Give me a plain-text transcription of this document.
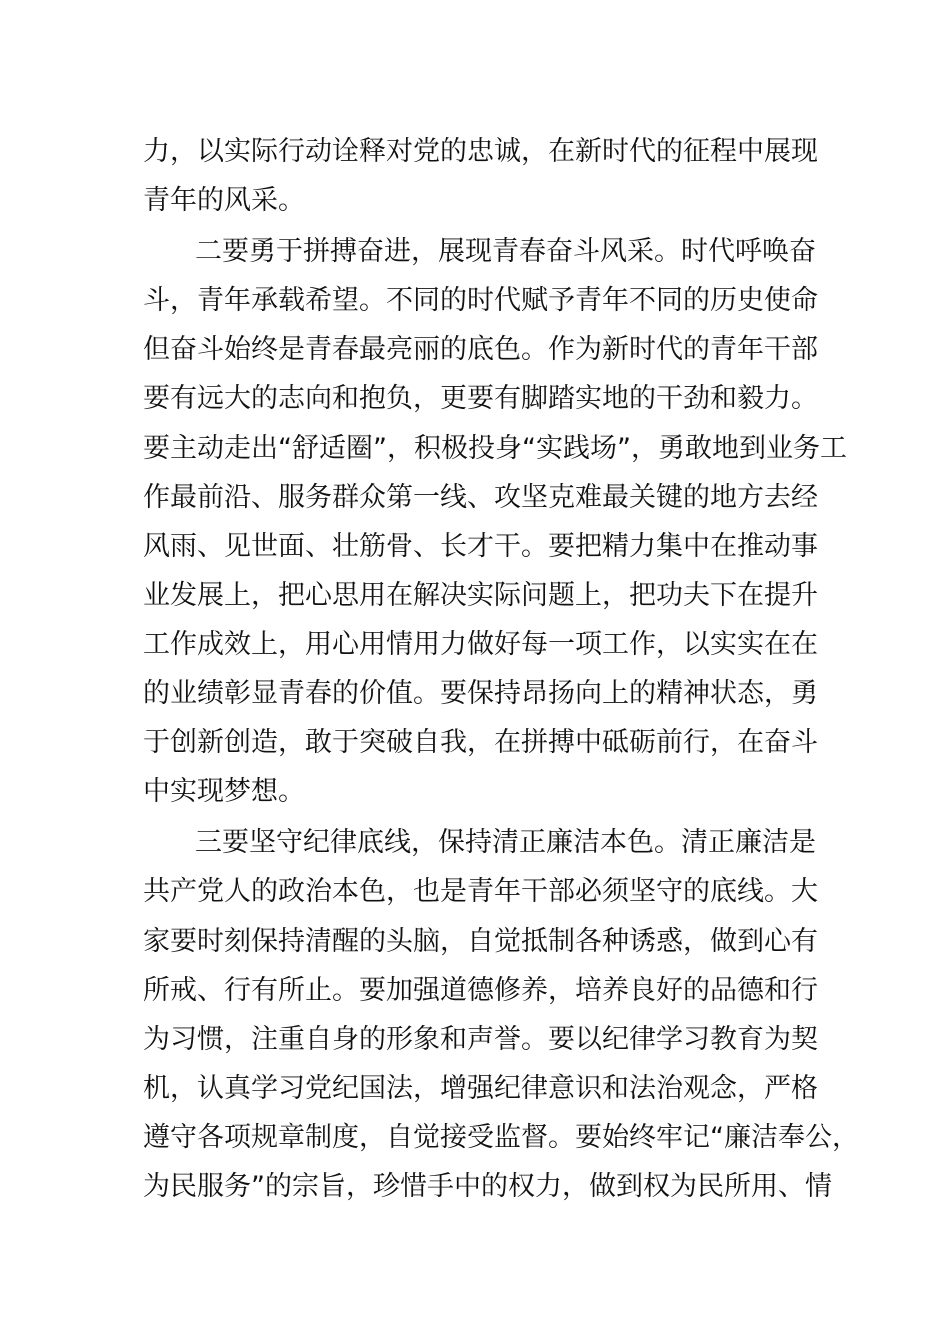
力，以实际行动诠释对党的忠诚，在新时代的征程中展现
青年的风采。
二要勇于拼搏奋进，展现青春奋斗风采。时代呼唤奋
斗，青年承载希望。不同的时代赋予青年不同的历史使命
但奋斗始终是青春最亮丽的底色。作为新时代的青年干部
要有远大的志向和抱负，更要有脚踏实地的干劲和毅力。
要主动走出“舒适圈”，积极投身“实践场”，勇敢地到业务工
作最前沿、服务群众第一线、攻坚克难最关键的地方去经
风雨、见世面、壮筋骨、长才干。要把精力集中在推动事
业发展上，把心思用在解决实际问题上，把功夫下在提升
工作成效上，用心用情用力做好每一项工作，以实实在在
的业绩彰显青春的价值。要保持昂扬向上的精神状态，勇
于创新创造，敢于突破自我，在拼搏中砥砺前行，在奋斗
中实现梦想。
三要坚守纪律底线，保持清正廉洁本色。清正廉洁是
共产党人的政治本色，也是青年干部必须坚守的底线。大
家要时刻保持清醒的头脑，自觉抵制各种诱惑，做到心有
所戒、行有所止。要加强道德修养，培养良好的品德和行
为习惯，注重自身的形象和声誉。要以纪律学习教育为契
机，认真学习党纪国法，增强纪律意识和法治观念，严格
遵守各项规章制度，自觉接受监督。要始终牢记“廉洁奉公，
为民服务”的宗旨，珍惜手中的权力，做到权为民所用、情
